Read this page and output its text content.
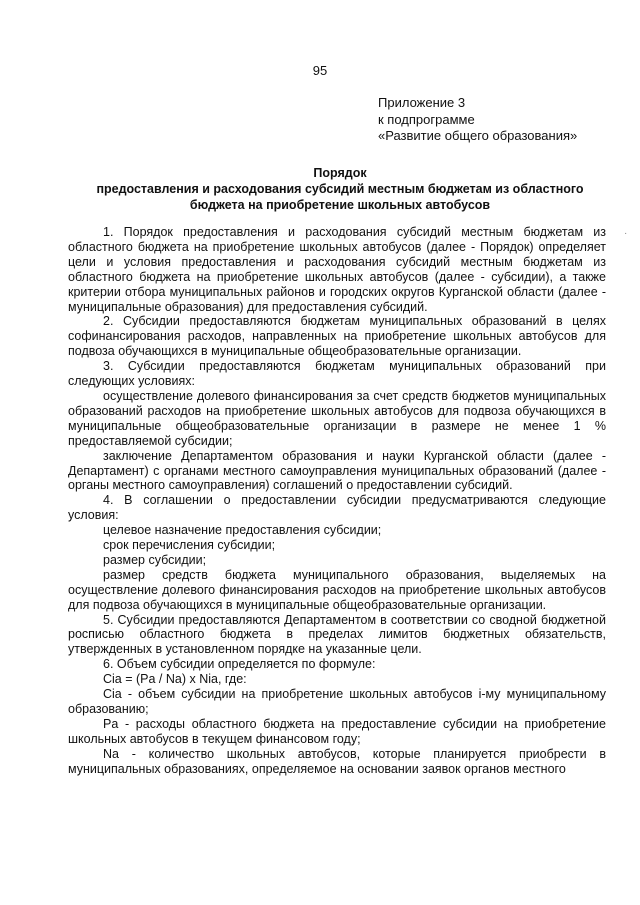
95
Приложение 3
к подпрограмме
«Развитие общего образования»
Порядок
предоставления и расходования субсидий местным бюджетам из областного
бюджета на приобретение школьных автобусов
·

1. Порядок предоставления и расходования субсидий местным бюджетам из областного бюджета на приобретение школьных автобусов (далее - Порядок) определяет цели и условия предоставления и расходования субсидий местным бюджетам из областного бюджета на приобретение школьных автобусов (далее - субсидии), а также критерии отбора муниципальных районов и городских округов Курганской области (далее - муниципальные образования) для предоставления субсидий.

2. Субсидии предоставляются бюджетам муниципальных образований в целях софинансирования расходов, направленных на приобретение школьных автобусов для подвоза обучающихся в муниципальные общеобразовательные организации.

3. Субсидии предоставляются бюджетам муниципальных образований при следующих условиях:

осуществление долевого финансирования за счет средств бюджетов муниципальных образований расходов на приобретение школьных автобусов для подвоза обучающихся в муниципальные общеобразовательные организации в размере не менее 1 % предоставляемой субсидии;

заключение Департаментом образования и науки Курганской области (далее - Департамент) с органами местного самоуправления муниципальных образований (далее - органы местного самоуправления) соглашений о предоставлении субсидий.

4. В соглашении о предоставлении субсидии предусматриваются следующие условия:

целевое назначение предоставления субсидии;

срок перечисления субсидии;

размер субсидии;

размер средств бюджета муниципального образования, выделяемых на осуществление долевого финансирования расходов на приобретение школьных автобусов для подвоза обучающихся в муниципальные общеобразовательные организации.

5. Субсидии предоставляются Департаментом в соответствии со сводной бюджетной росписью областного бюджета в пределах лимитов бюджетных обязательств, утвержденных в установленном порядке на указанные цели.

6. Объем субсидии определяется по формуле:

Cia = (Pa / Na) x Nia, где:

Cia - объем субсидии на приобретение школьных автобусов i-му муниципальному образованию;

Pa - расходы областного бюджета на предоставление субсидии на приобретение школьных автобусов в текущем финансовом году;

Na - количество школьных автобусов, которые планируется приобрести в муниципальных образованиях, определяемое на основании заявок органов местного
